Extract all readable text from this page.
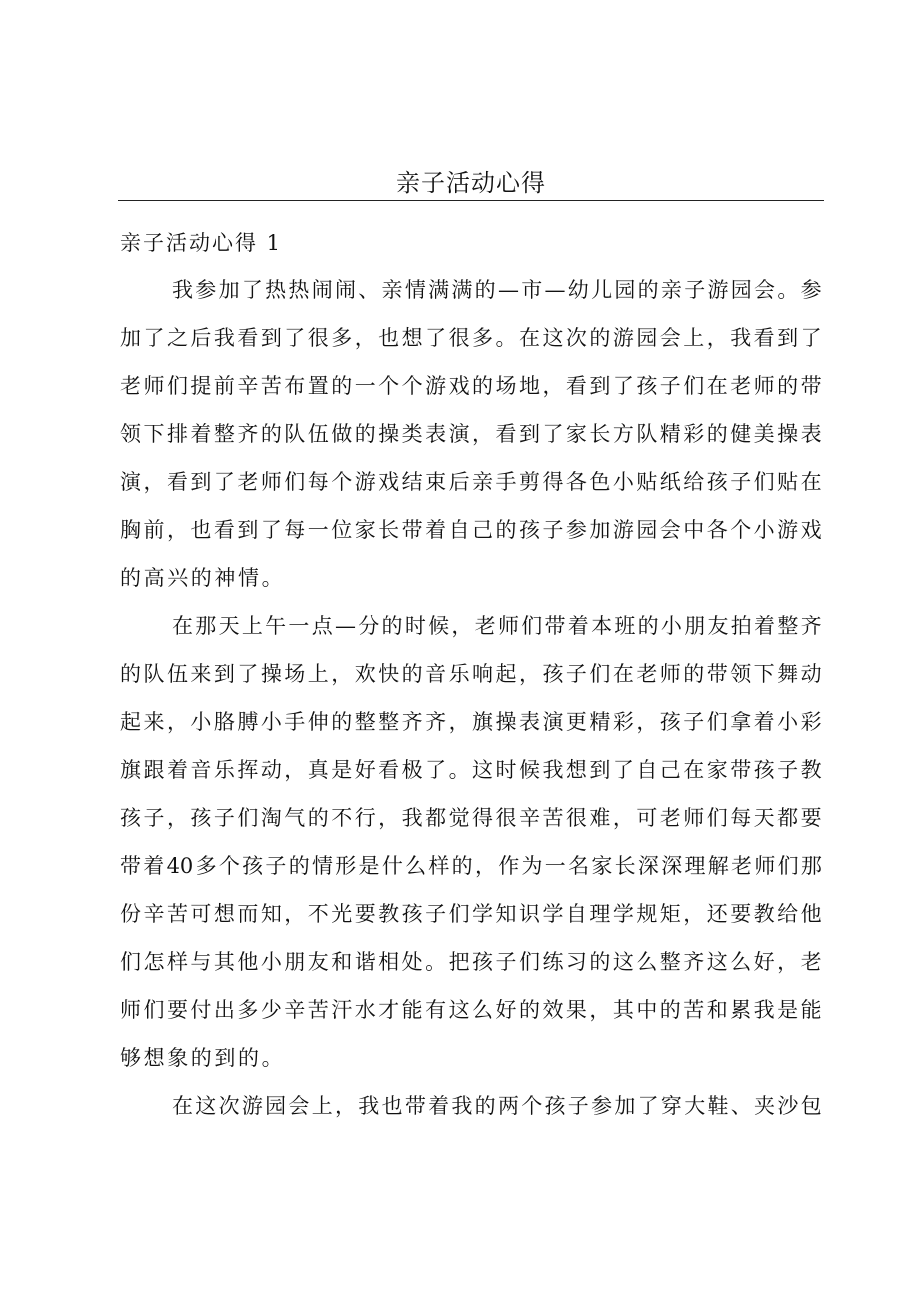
亲子活动心得
亲子活动心得 1
我 参 加 了 热 热 闹 闹 、 亲 情 满 满 的 — 市 — 幼 儿 园 的 亲 子 游 园 会 。 参
加 了 之 后 我 看 到 了 很 多 ， 也 想 了 很 多 。 在 这 次 的 游 园 会 上 ， 我 看 到 了
老 师 们 提 前 辛 苦 布 置 的 一 个 个 游 戏 的 场 地 ， 看 到 了 孩 子 们 在 老 师 的 带
领 下 排 着 整 齐 的 队 伍 做 的 操 类 表 演 ， 看 到 了 家 长 方 队 精 彩 的 健 美 操 表
演 ， 看 到 了 老 师 们 每 个 游 戏 结 束 后 亲 手 剪 得 各 色 小 贴 纸 给 孩 子 们 贴 在
胸 前 ， 也 看 到 了 每 一 位 家 长 带 着 自 己 的 孩 子 参 加 游 园 会 中 各 个 小 游 戏
的高兴的神情。
在 那 天 上 午 一 点 — 分 的 时 候 ， 老 师 们 带 着 本 班 的 小 朋 友 拍 着 整 齐
的 队 伍 来 到 了 操 场 上 ， 欢 快 的 音 乐 响 起 ， 孩 子 们 在 老 师 的 带 领 下 舞 动
起 来 ， 小 胳 膊 小 手 伸 的 整 整 齐 齐 ， 旗 操 表 演 更 精 彩 ， 孩 子 们 拿 着 小 彩
旗 跟 着 音 乐 挥 动 ， 真 是 好 看 极 了 。 这 时 候 我 想 到 了 自 己 在 家 带 孩 子 教
孩 子 ， 孩 子 们 淘 气 的 不 行 ， 我 都 觉 得 很 辛 苦 很 难 ， 可 老 师 们 每 天 都 要
带 着 40 多 个 孩 子 的 情 形 是 什 么 样 的 ， 作 为 一 名 家 长 深 深 理 解 老 师 们 那
份 辛 苦 可 想 而 知 ， 不 光 要 教 孩 子 们 学 知 识 学 自 理 学 规 矩 ， 还 要 教 给 他
们 怎 样 与 其 他 小 朋 友 和 谐 相 处 。 把 孩 子 们 练 习 的 这 么 整 齐 这 么 好 ， 老
师 们 要 付 出 多 少 辛 苦 汗 水 才 能 有 这 么 好 的 效 果 ， 其 中 的 苦 和 累 我 是 能
够想象的到的。
在 这 次 游 园 会 上 ， 我 也 带 着 我 的 两 个 孩 子 参 加 了 穿 大 鞋 、 夹 沙 包
